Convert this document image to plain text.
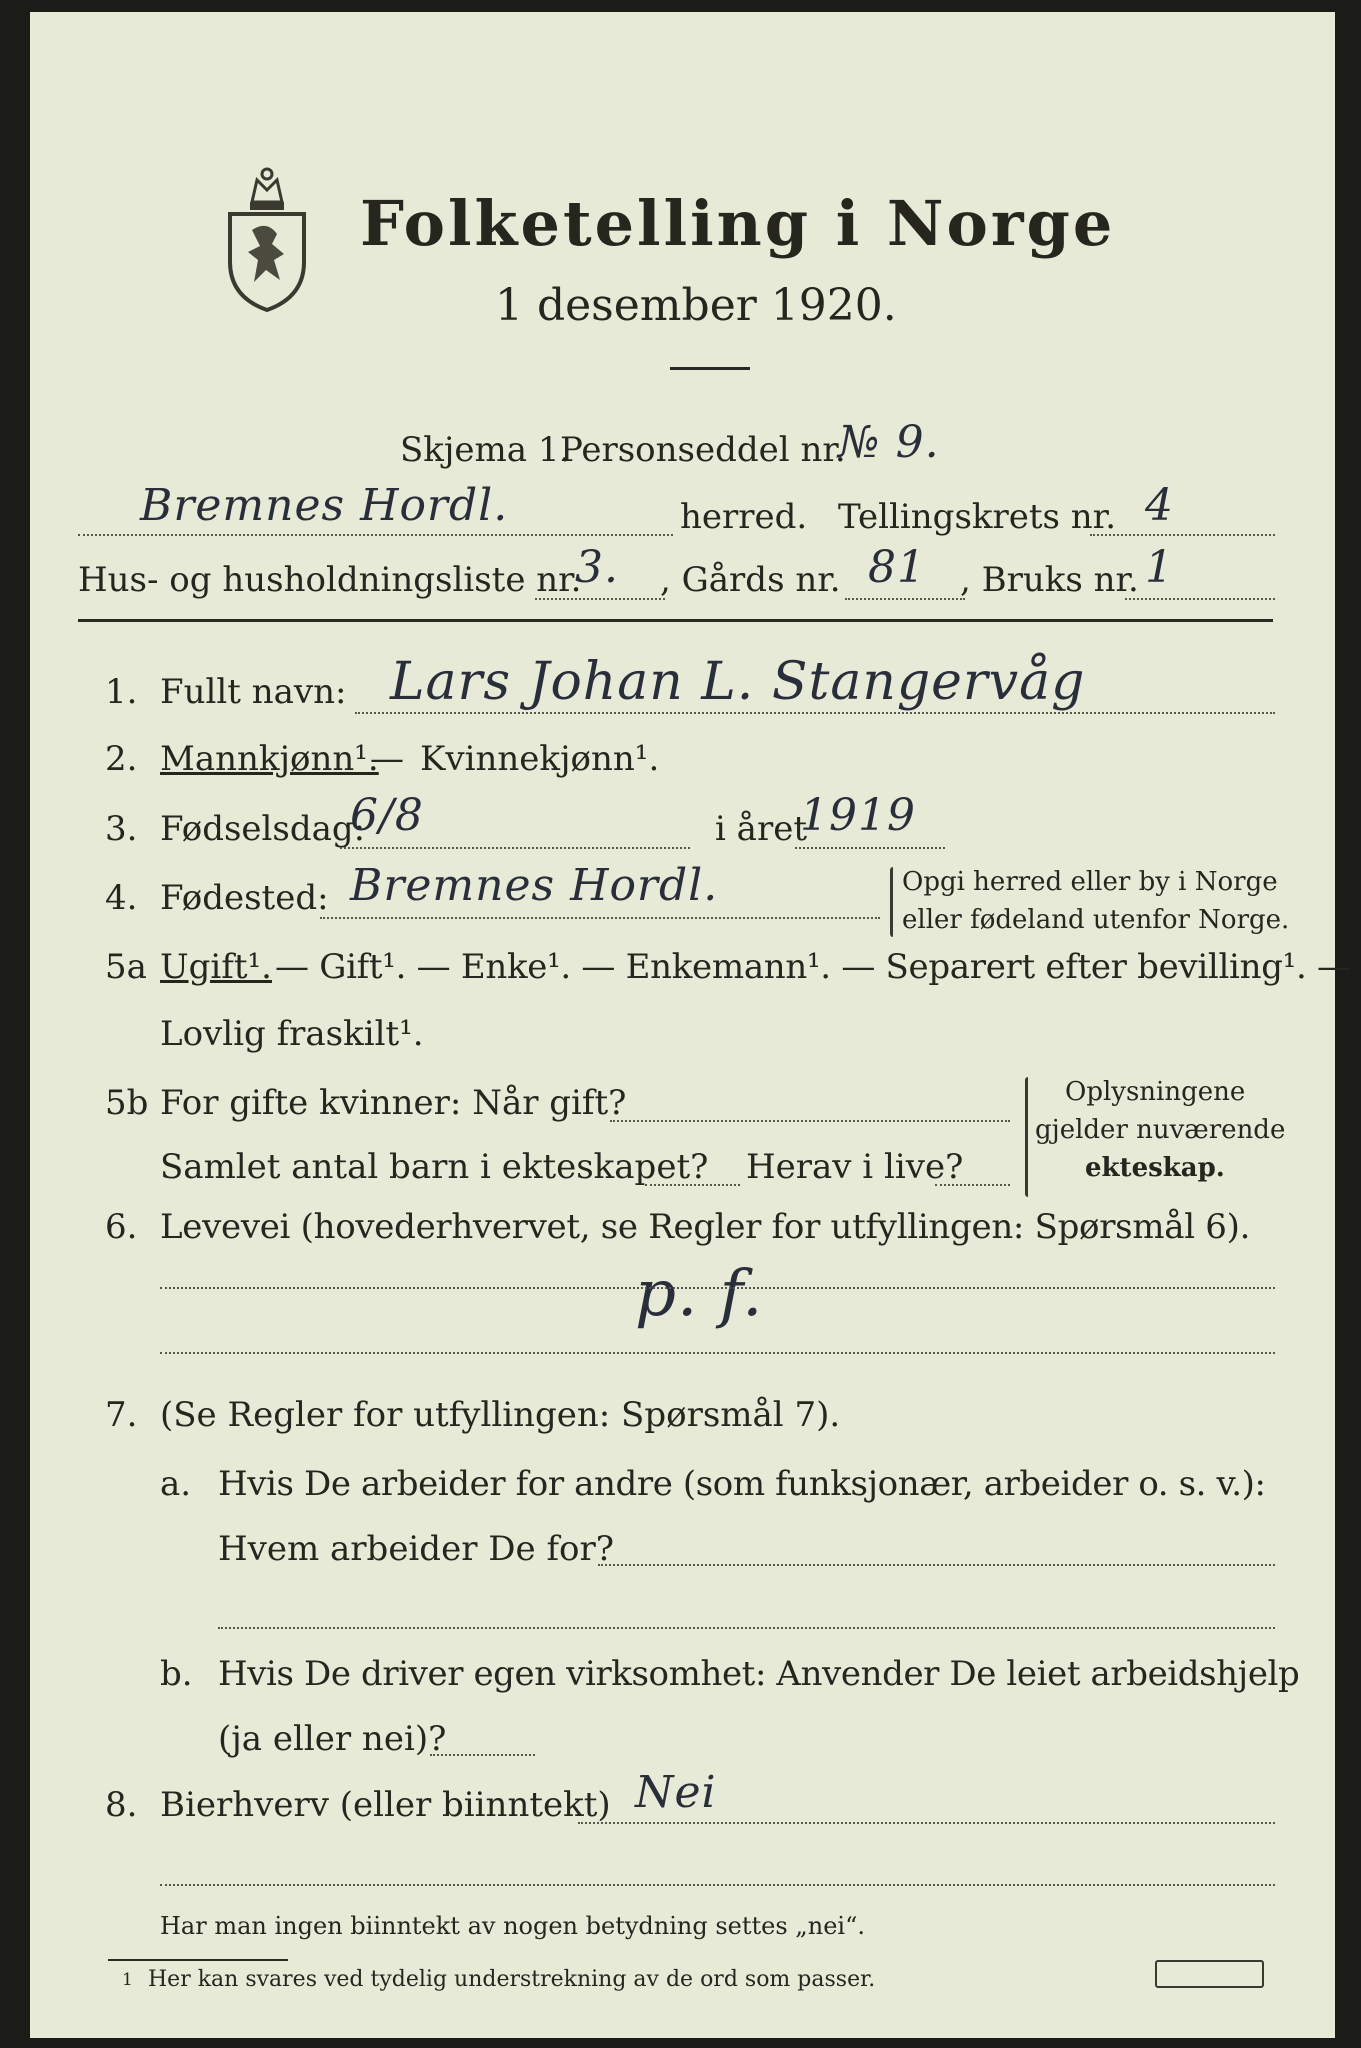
Folketelling i Norge
1 desember 1920.
Skjema 1.
Personseddel nr.
№ 9.
Bremnes Hordl.	herred. Tellingskrets nr. 4
Hus- og husholdningsliste nr.
3. , Gårds nr. 81 , Bruks nr. 1
1. Fullt navn: Lars Johan L. Stangervåg
2. Mannkjønn¹.
— Kvinnekjønn¹.
3. Fødselsdag:
6/8	i året
1919
4. Fødested: Bremnes Hordl.	Opgi herred eller by i Norge
eller fødeland utenfor Norge.
5a Ugift¹. — Gift¹. — Enke¹. — Enkemann¹. — Separert efter bevilling¹. —
Lovlig fraskilt¹.
5b For gifte kvinner: Når gift?
Samlet antal barn i ekteskapet? Herav i live?
Oplysningene
gjelder nuværende
ekteskap.
6. Levevei (hovederhvervet, se Regler for utfyllingen: Spørsmål 6).
p. f.
7. (Se Regler for utfyllingen: Spørsmål 7).
a. Hvis De arbeider for andre (som funksjonær, arbeider o. s. v.):
Hvem arbeider De for?
b. Hvis De driver egen virksomhet: Anvender De leiet arbeidshjelp
(ja eller nei)?
8. Bierhverv (eller biinntekt) Nei
Har man ingen biinntekt av nogen betydning settes „nei“.
1 Her kan svares ved tydelig understrekning av de ord som passer.
